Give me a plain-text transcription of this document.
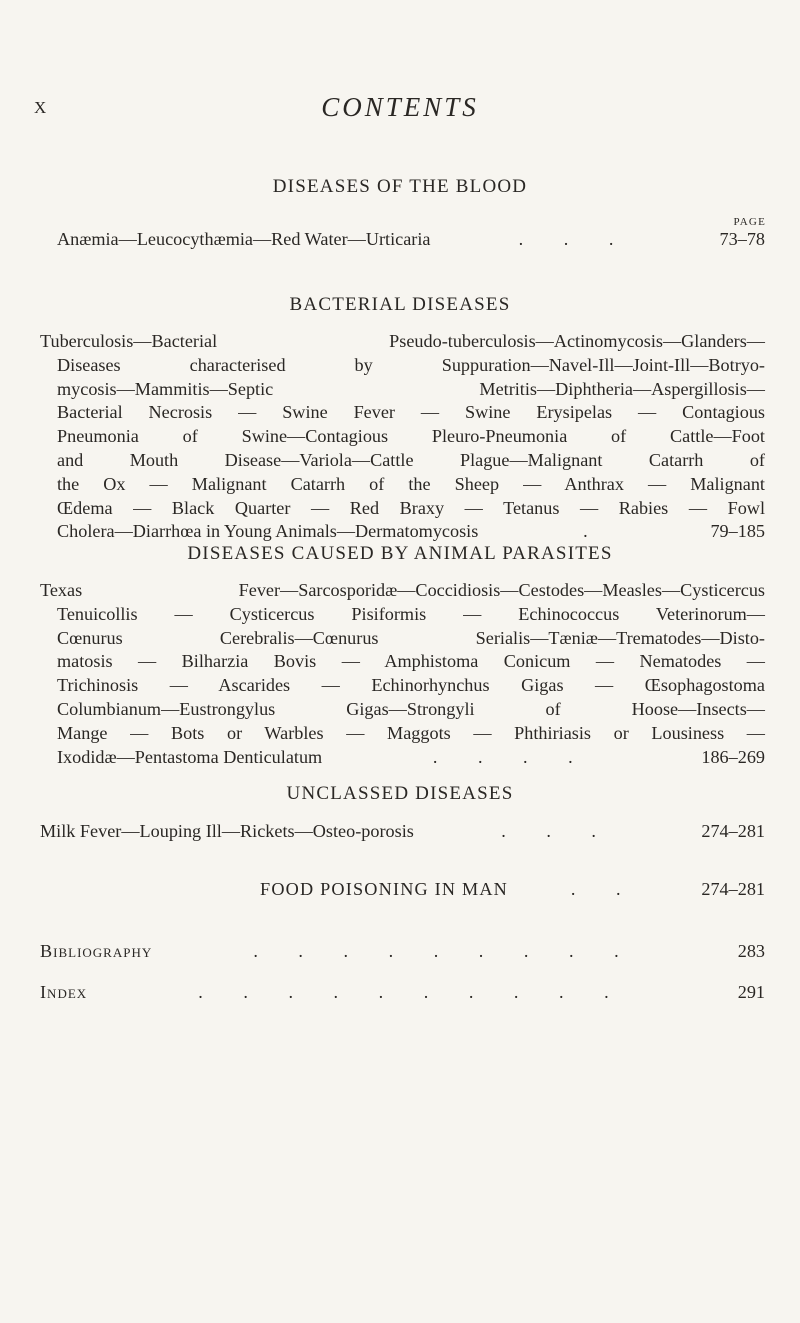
X	CONTENTS
DISEASES OF THE BLOOD
PAGE
Anæmia—Leucocythæmia—Red Water—Urticaria	. . .	73–78
BACTERIAL DISEASES
Tuberculosis—Bacterial Pseudo-tuberculosis—Actinomycosis—Glanders—
Diseases characterised by Suppuration—Navel-Ill—Joint-Ill—Botryo-
mycosis—Mammitis—Septic Metritis—Diphtheria—Aspergillosis—
Bacterial Necrosis — Swine Fever — Swine Erysipelas — Contagious
Pneumonia of Swine—Contagious Pleuro-Pneumonia of Cattle—Foot
and Mouth Disease—Variola—Cattle Plague—Malignant Catarrh of
the Ox — Malignant Catarrh of the Sheep — Anthrax — Malignant
Œdema — Black Quarter — Red Braxy — Tetanus — Rabies — Fowl
Cholera—Diarrhœa in Young Animals—Dermatomycosis	.	79–185
DISEASES CAUSED BY ANIMAL PARASITES
Texas Fever—Sarcosporidæ—Coccidiosis—Cestodes—Measles—Cysticercus
Tenuicollis — Cysticercus Pisiformis — Echinococcus Veterinorum—
Cœnurus Cerebralis—Cœnurus Serialis—Tæniæ—Trematodes—Disto-
matosis — Bilharzia Bovis — Amphistoma Conicum — Nematodes —
Trichinosis — Ascarides — Echinorhynchus Gigas — Œsophagostoma
Columbianum—Eustrongylus Gigas—Strongyli of Hoose—Insects—
Mange — Bots or Warbles — Maggots — Phthiriasis or Lousiness —
Ixodidæ—Pentastoma Denticulatum	. . . .	186–269
UNCLASSED DISEASES
Milk Fever—Louping Ill—Rickets—Osteo-porosis	. . .	274–281
FOOD POISONING IN MAN	. .	274–281
Bibliography	. . . . . . . . .	283
Index	. . . . . . . . . .	291
